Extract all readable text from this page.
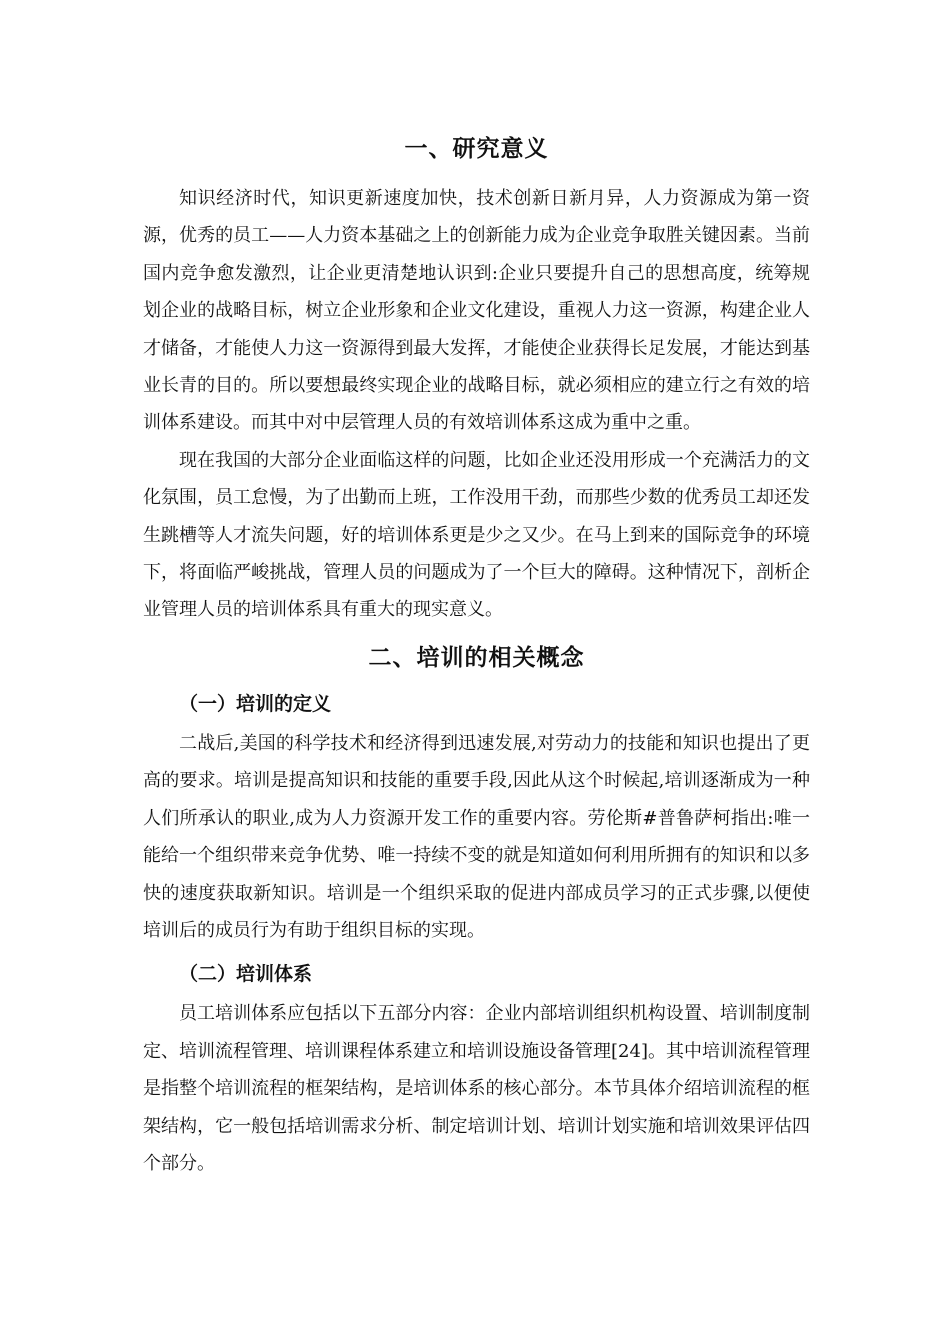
一、研究意义

知识经济时代，知识更新速度加快，技术创新日新月异，人力资源成为第一资源，优秀的员工——人力资本基础之上的创新能力成为企业竞争取胜关键因素。当前国内竞争愈发激烈，让企业更清楚地认识到:企业只要提升自己的思想高度，统筹规划企业的战略目标，树立企业形象和企业文化建设，重视人力这一资源，构建企业人才储备，才能使人力这一资源得到最大发挥，才能使企业获得长足发展，才能达到基业长青的目的。所以要想最终实现企业的战略目标，就必须相应的建立行之有效的培训体系建设。而其中对中层管理人员的有效培训体系这成为重中之重。

现在我国的大部分企业面临这样的问题，比如企业还没用形成一个充满活力的文化氛围，员工怠慢，为了出勤而上班，工作没用干劲，而那些少数的优秀员工却还发生跳槽等人才流失问题，好的培训体系更是少之又少。在马上到来的国际竞争的环境下，将面临严峻挑战，管理人员的问题成为了一个巨大的障碍。这种情况下，剖析企业管理人员的培训体系具有重大的现实意义。

二、培训的相关概念
（一）培训的定义

二战后,美国的科学技术和经济得到迅速发展,对劳动力的技能和知识也提出了更高的要求。培训是提高知识和技能的重要手段,因此从这个时候起,培训逐渐成为一种人们所承认的职业,成为人力资源开发工作的重要内容。劳伦斯#普鲁萨柯指出:唯一能给一个组织带来竞争优势、唯一持续不变的就是知道如何利用所拥有的知识和以多快的速度获取新知识。培训是一个组织采取的促进内部成员学习的正式步骤,以便使培训后的成员行为有助于组织目标的实现。

（二）培训体系

员工培训体系应包括以下五部分内容：企业内部培训组织机构设置、培训制度制定、培训流程管理、培训课程体系建立和培训设施设备管理[24]。其中培训流程管理是指整个培训流程的框架结构，是培训体系的核心部分。本节具体介绍培训流程的框架结构，它一般包括培训需求分析、制定培训计划、培训计划实施和培训效果评估四个部分。
